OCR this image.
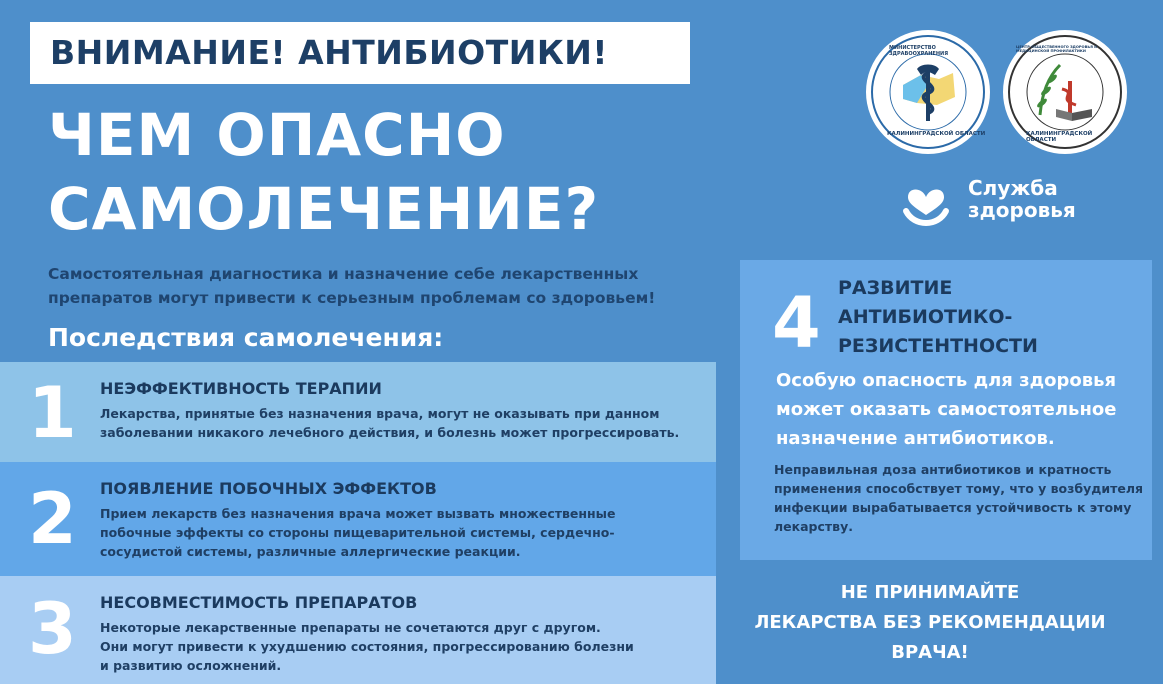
ВНИМАНИЕ! АНТИБИОТИКИ!
ЧЕМ ОПАСНО
САМОЛЕЧЕНИЕ?
Самостоятельная диагностика и назначение себе лекарственных
препаратов могут привести к серьезным проблемам со здоровьем!
Последствия самолечения:
1 НЕЭФФЕКТИВНОСТЬ ТЕРАПИИ
Лекарства, принятые без назначения врача, могут не оказывать при данном
заболевании никакого лечебного действия, и болезнь может прогрессировать.
2 ПОЯВЛЕНИЕ ПОБОЧНЫХ ЭФФЕКТОВ
Прием лекарств без назначения врача может вызвать множественные
побочные эффекты со стороны пищеварительной системы, сердечно-
сосудистой системы, различные аллергические реакции.
3 НЕСОВМЕСТИМОСТЬ ПРЕПАРАТОВ
Некоторые лекарственные препараты не сочетаются друг с другом.
Они могут привести к ухудшению состояния, прогрессированию болезни
и развитию осложнений.
4 РАЗВИТИЕ
АНТИБИОТИКО-
РЕЗИСТЕНТНОСТИ
Особую опасность для здоровья
может оказать самостоятельное
назначение антибиотиков.
Неправильная доза антибиотиков и кратность
применения способствует тому, что у возбудителя
инфекции вырабатывается устойчивость к этому
лекарству.
НЕ ПРИНИМАЙТЕ
ЛЕКАРСТВА БЕЗ РЕКОМЕНДАЦИИ
ВРАЧА!
МИНИСТЕРСТВО ЗДРАВООХРАНЕНИЯ
КАЛИНИНГРАДСКОЙ ОБЛАСТИ
ЦЕНТР ОБЩЕСТВЕННОГО ЗДОРОВЬЯ И МЕДИЦИНСКОЙ ПРОФИЛАКТИКИ
КАЛИНИНГРАДСКОЙ ОБЛАСТИ
Служба
здоровья
